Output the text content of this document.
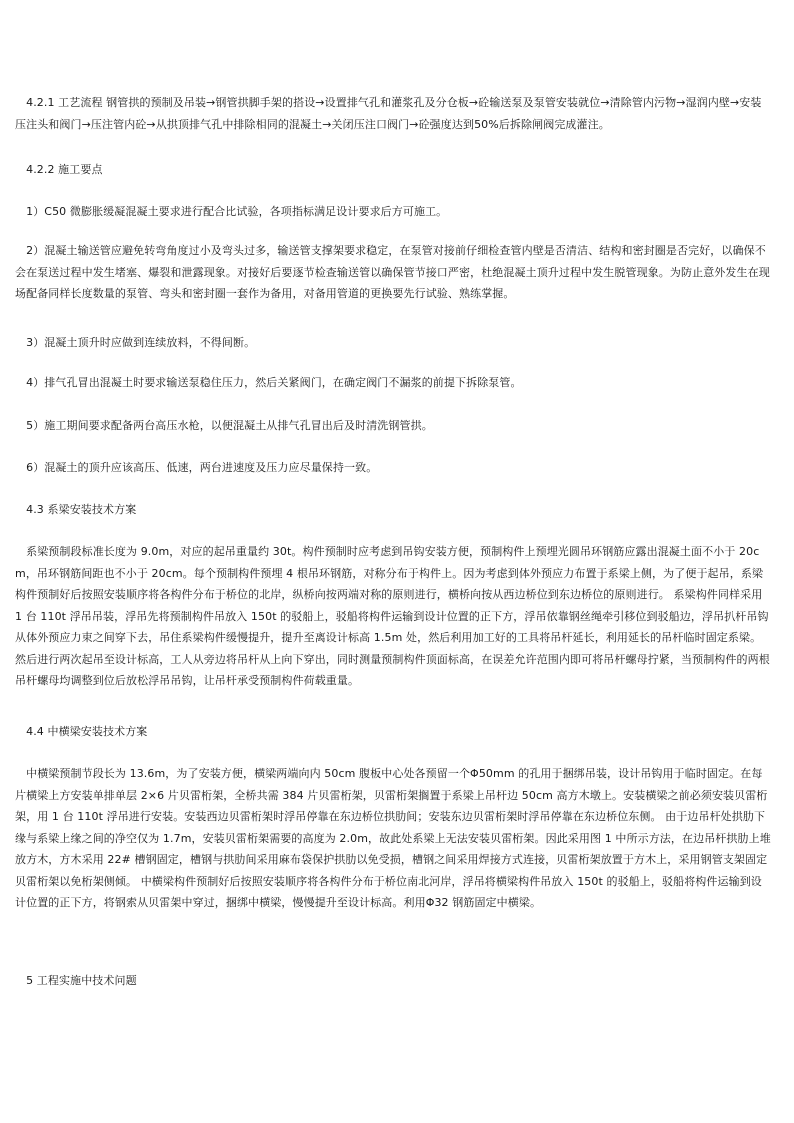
　4.2.1 工艺流程 钢管拱的预制及吊装→钢管拱脚手架的搭设→设置排气孔和灌浆孔及分仓板→砼输送泵及泵管安装就位→清除管内污物→湿润内壁→安装压注头和阀门→压注管内砼→从拱顶排气孔中排除相同的混凝土→关闭压注口阀门→砼强度达到50%后拆除闸阀完成灌注。
　4.2.2 施工要点
　1）C50 微膨胀缓凝混凝土要求进行配合比试验，各项指标满足设计要求后方可施工。
　2）混凝土输送管应避免转弯角度过小及弯头过多，输送管支撑架要求稳定，在泵管对接前仔细检查管内壁是否清洁、结构和密封圈是否完好，以确保不会在泵送过程中发生堵塞、爆裂和泄露现象。对接好后要逐节检查输送管以确保管节接口严密，杜绝混凝土顶升过程中发生脱管现象。为防止意外发生在现场配备同样长度数量的泵管、弯头和密封圈一套作为备用，对备用管道的更换要先行试验、熟练掌握。
　3）混凝土顶升时应做到连续放料，不得间断。
　4）排气孔冒出混凝土时要求输送泵稳住压力，然后关紧阀门，在确定阀门不漏浆的前提下拆除泵管。
　5）施工期间要求配备两台高压水枪，以便混凝土从排气孔冒出后及时清洗钢管拱。
　6）混凝土的顶升应该高压、低速，两台进速度及压力应尽量保持一致。
　4.3 系梁安装技术方案
　系梁预制段标准长度为 9.0m，对应的起吊重量约 30t。构件预制时应考虑到吊钩安装方便，预制构件上预埋光圆吊环钢筋应露出混凝土面不小于 20cm，吊环钢筋间距也不小于 20cm。每个预制构件预埋 4 根吊环钢筋，对称分布于构件上。因为考虑到体外预应力布置于系梁上侧，为了便于起吊，系梁构件预制好后按照安装顺序将各构件分布于桥位的北岸，纵桥向按两端对称的原则进行，横桥向按从西边桥位到东边桥位的原则进行。 系梁构件同样采用 1 台 110t 浮吊吊装，浮吊先将预制构件吊放入 150t 的驳船上，驳船将构件运输到设计位置的正下方，浮吊依靠钢丝绳牵引移位到驳船边，浮吊扒杆吊钩从体外预应力束之间穿下去，吊住系梁构件缓慢提升，提升至离设计标高 1.5m 处，然后利用加工好的工具将吊杆延长，利用延长的吊杆临时固定系梁。然后进行两次起吊至设计标高，工人从旁边将吊杆从上向下穿出，同时测量预制构件顶面标高，在误差允许范围内即可将吊杆螺母拧紧，当预制构件的两根吊杆螺母均调整到位后放松浮吊吊钩，让吊杆承受预制构件荷载重量。
　4.4 中横梁安装技术方案
　中横梁预制节段长为 13.6m，为了安装方便，横梁两端向内 50cm 腹板中心处各预留一个Φ50mm 的孔用于捆绑吊装，设计吊钩用于临时固定。在每片横梁上方安装单排单层 2×6 片贝雷桁架，全桥共需 384 片贝雷桁架，贝雷桁架搁置于系梁上吊杆边 50cm 高方木墩上。安装横梁之前必须安装贝雷桁架，用 1 台 110t 浮吊进行安装。安装西边贝雷桁架时浮吊停靠在东边桥位拱肋间；安装东边贝雷桁架时浮吊停靠在东边桥位东侧。 由于边吊杆处拱肋下缘与系梁上缘之间的净空仅为 1.7m，安装贝雷桁架需要的高度为 2.0m，故此处系梁上无法安装贝雷桁架。因此采用图 1 中所示方法，在边吊杆拱肋上堆放方木，方木采用 22# 槽钢固定，槽钢与拱肋间采用麻布袋保护拱肋以免受损，槽钢之间采用焊接方式连接，贝雷桁架放置于方木上，采用钢管支架固定贝雷桁架以免桁架侧倾。 中横梁构件预制好后按照安装顺序将各构件分布于桥位南北河岸，浮吊将横梁构件吊放入 150t 的驳船上，驳船将构件运输到设计位置的正下方，将钢索从贝雷架中穿过，捆绑中横梁，慢慢提升至设计标高。利用Φ32 钢筋固定中横梁。
　5 工程实施中技术问题
